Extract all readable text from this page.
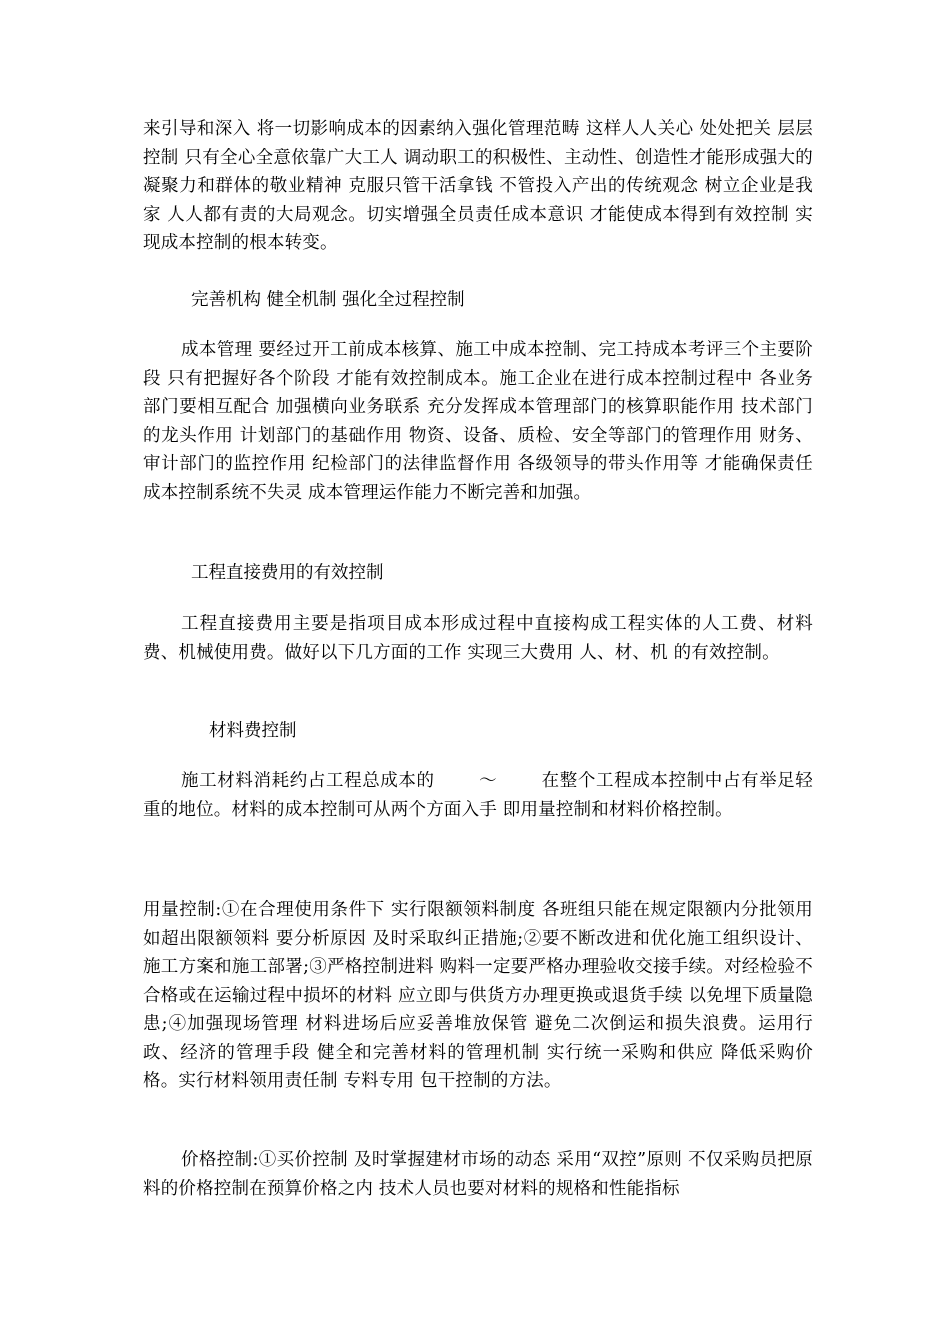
来引导和深入 将一切影响成本的因素纳入强化管理范畴 这样人人关心 处处把关 层层控制 只有全心全意依靠广大工人 调动职工的积极性、主动性、创造性才能形成强大的凝聚力和群体的敬业精神 克服只管干活拿钱 不管投入产出的传统观念 树立企业是我家 人人都有责的大局观念。切实增强全员责任成本意识 才能使成本得到有效控制 实现成本控制的根本转变。

完善机构 健全机制 强化全过程控制

成本管理 要经过开工前成本核算、施工中成本控制、完工持成本考评三个主要阶段 只有把握好各个阶段 才能有效控制成本。施工企业在进行成本控制过程中 各业务部门要相互配合 加强横向业务联系 充分发挥成本管理部门的核算职能作用 技术部门的龙头作用 计划部门的基础作用 物资、设备、质检、安全等部门的管理作用 财务、审计部门的监控作用 纪检部门的法律监督作用 各级领导的带头作用等 才能确保责任成本控制系统不失灵 成本管理运作能力不断完善和加强。

工程直接费用的有效控制

工程直接费用主要是指项目成本形成过程中直接构成工程实体的人工费、材料费、机械使用费。做好以下几方面的工作 实现三大费用 人、材、机 的有效控制。

材料费控制

施工材料消耗约占工程总成本的	～	在整个工程成本控制中占有举足轻重的地位。材料的成本控制可从两个方面入手 即用量控制和材料价格控制。

用量控制:①在合理使用条件下 实行限额领料制度 各班组只能在规定限额内分批领用 如超出限额领料 要分析原因 及时采取纠正措施;②要不断改进和优化施工组织设计、施工方案和施工部署;③严格控制进料 购料一定要严格办理验收交接手续。对经检验不合格或在运输过程中损坏的材料 应立即与供货方办理更换或退货手续 以免埋下质量隐患;④加强现场管理 材料进场后应妥善堆放保管 避免二次倒运和损失浪费。运用行政、经济的管理手段 健全和完善材料的管理机制 实行统一采购和供应 降低采购价格。实行材料领用责任制 专料专用 包干控制的方法。

价格控制:①买价控制 及时掌握建材市场的动态 采用“双控”原则 不仅采购员把原料的价格控制在预算价格之内 技术人员也要对材料的规格和性能指标
